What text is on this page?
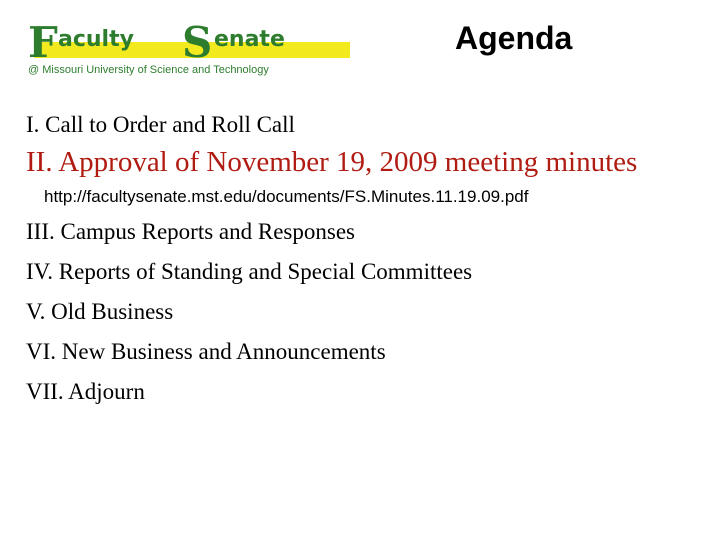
F aculty S enate
@ Missouri University of Science and Technology
Agenda
I. Call to Order and Roll Call
II. Approval of November 19, 2009 meeting minutes
http://facultysenate.mst.edu/documents/FS.Minutes.11.19.09.pdf
III. Campus Reports and Responses
IV. Reports of Standing and Special Committees
V. Old Business
VI. New Business and Announcements
VII. Adjourn
